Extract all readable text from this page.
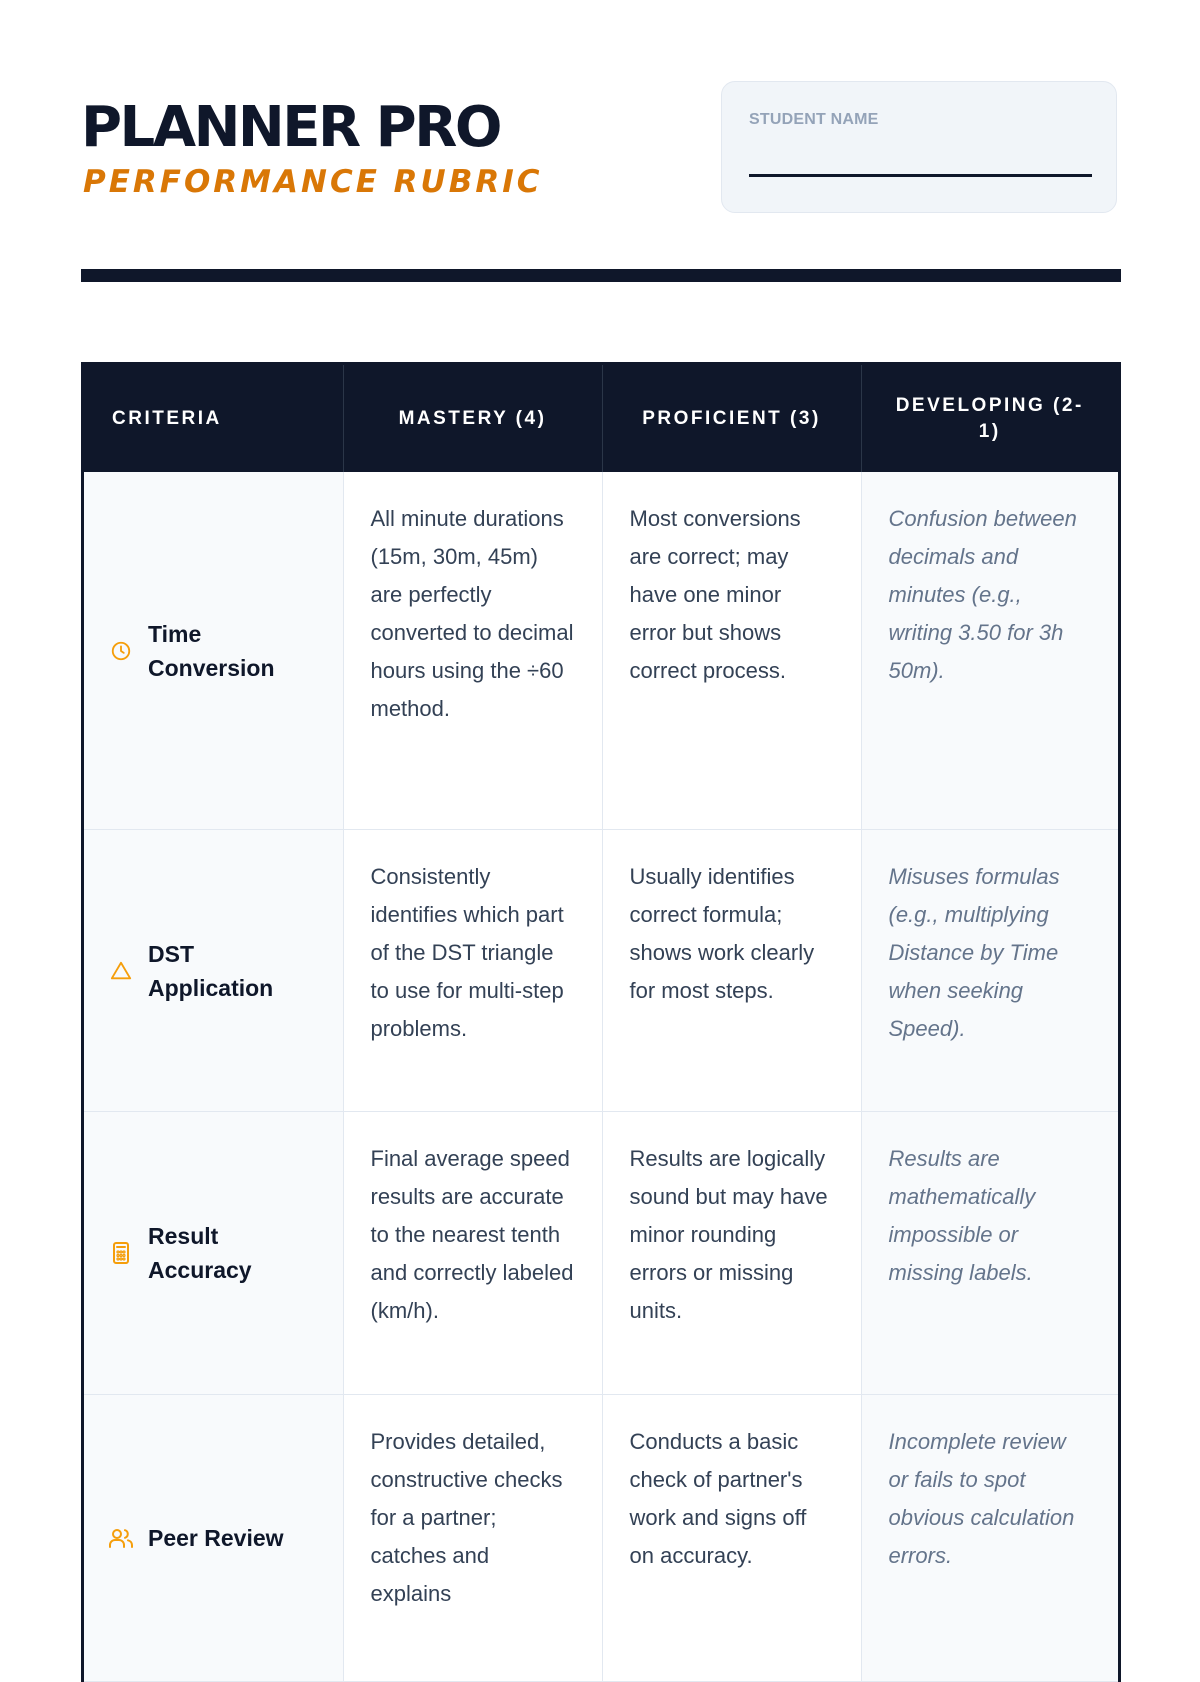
PLANNER PRO
PERFORMANCE RUBRIC
STUDENT NAME
CRITERIA	MASTERY (4)	PROFICIENT (3)	DEVELOPING (2-1)

Time Conversion	All minute durations (15m, 30m, 45m) are perfectly converted to decimal hours using the ÷60 method.	Most conversions are correct; may have one minor error but shows correct process.	Confusion between decimals and minutes (e.g., writing 3.50 for 3h 50m).

DST Application	Consistently identifies which part of the DST triangle to use for multi-step problems.	Usually identifies correct formula; shows work clearly for most steps.	Misuses formulas (e.g., multiplying Distance by Time when seeking Speed).

Result Accuracy	Final average speed results are accurate to the nearest tenth and correctly labeled (km/h).	Results are logically sound but may have minor rounding errors or missing units.	Results are mathematically impossible or missing labels.

Peer Review	Provides detailed, constructive checks for a partner; catches and explains	Conducts a basic check of partner's work and signs off on accuracy.	Incomplete review or fails to spot obvious calculation errors.
